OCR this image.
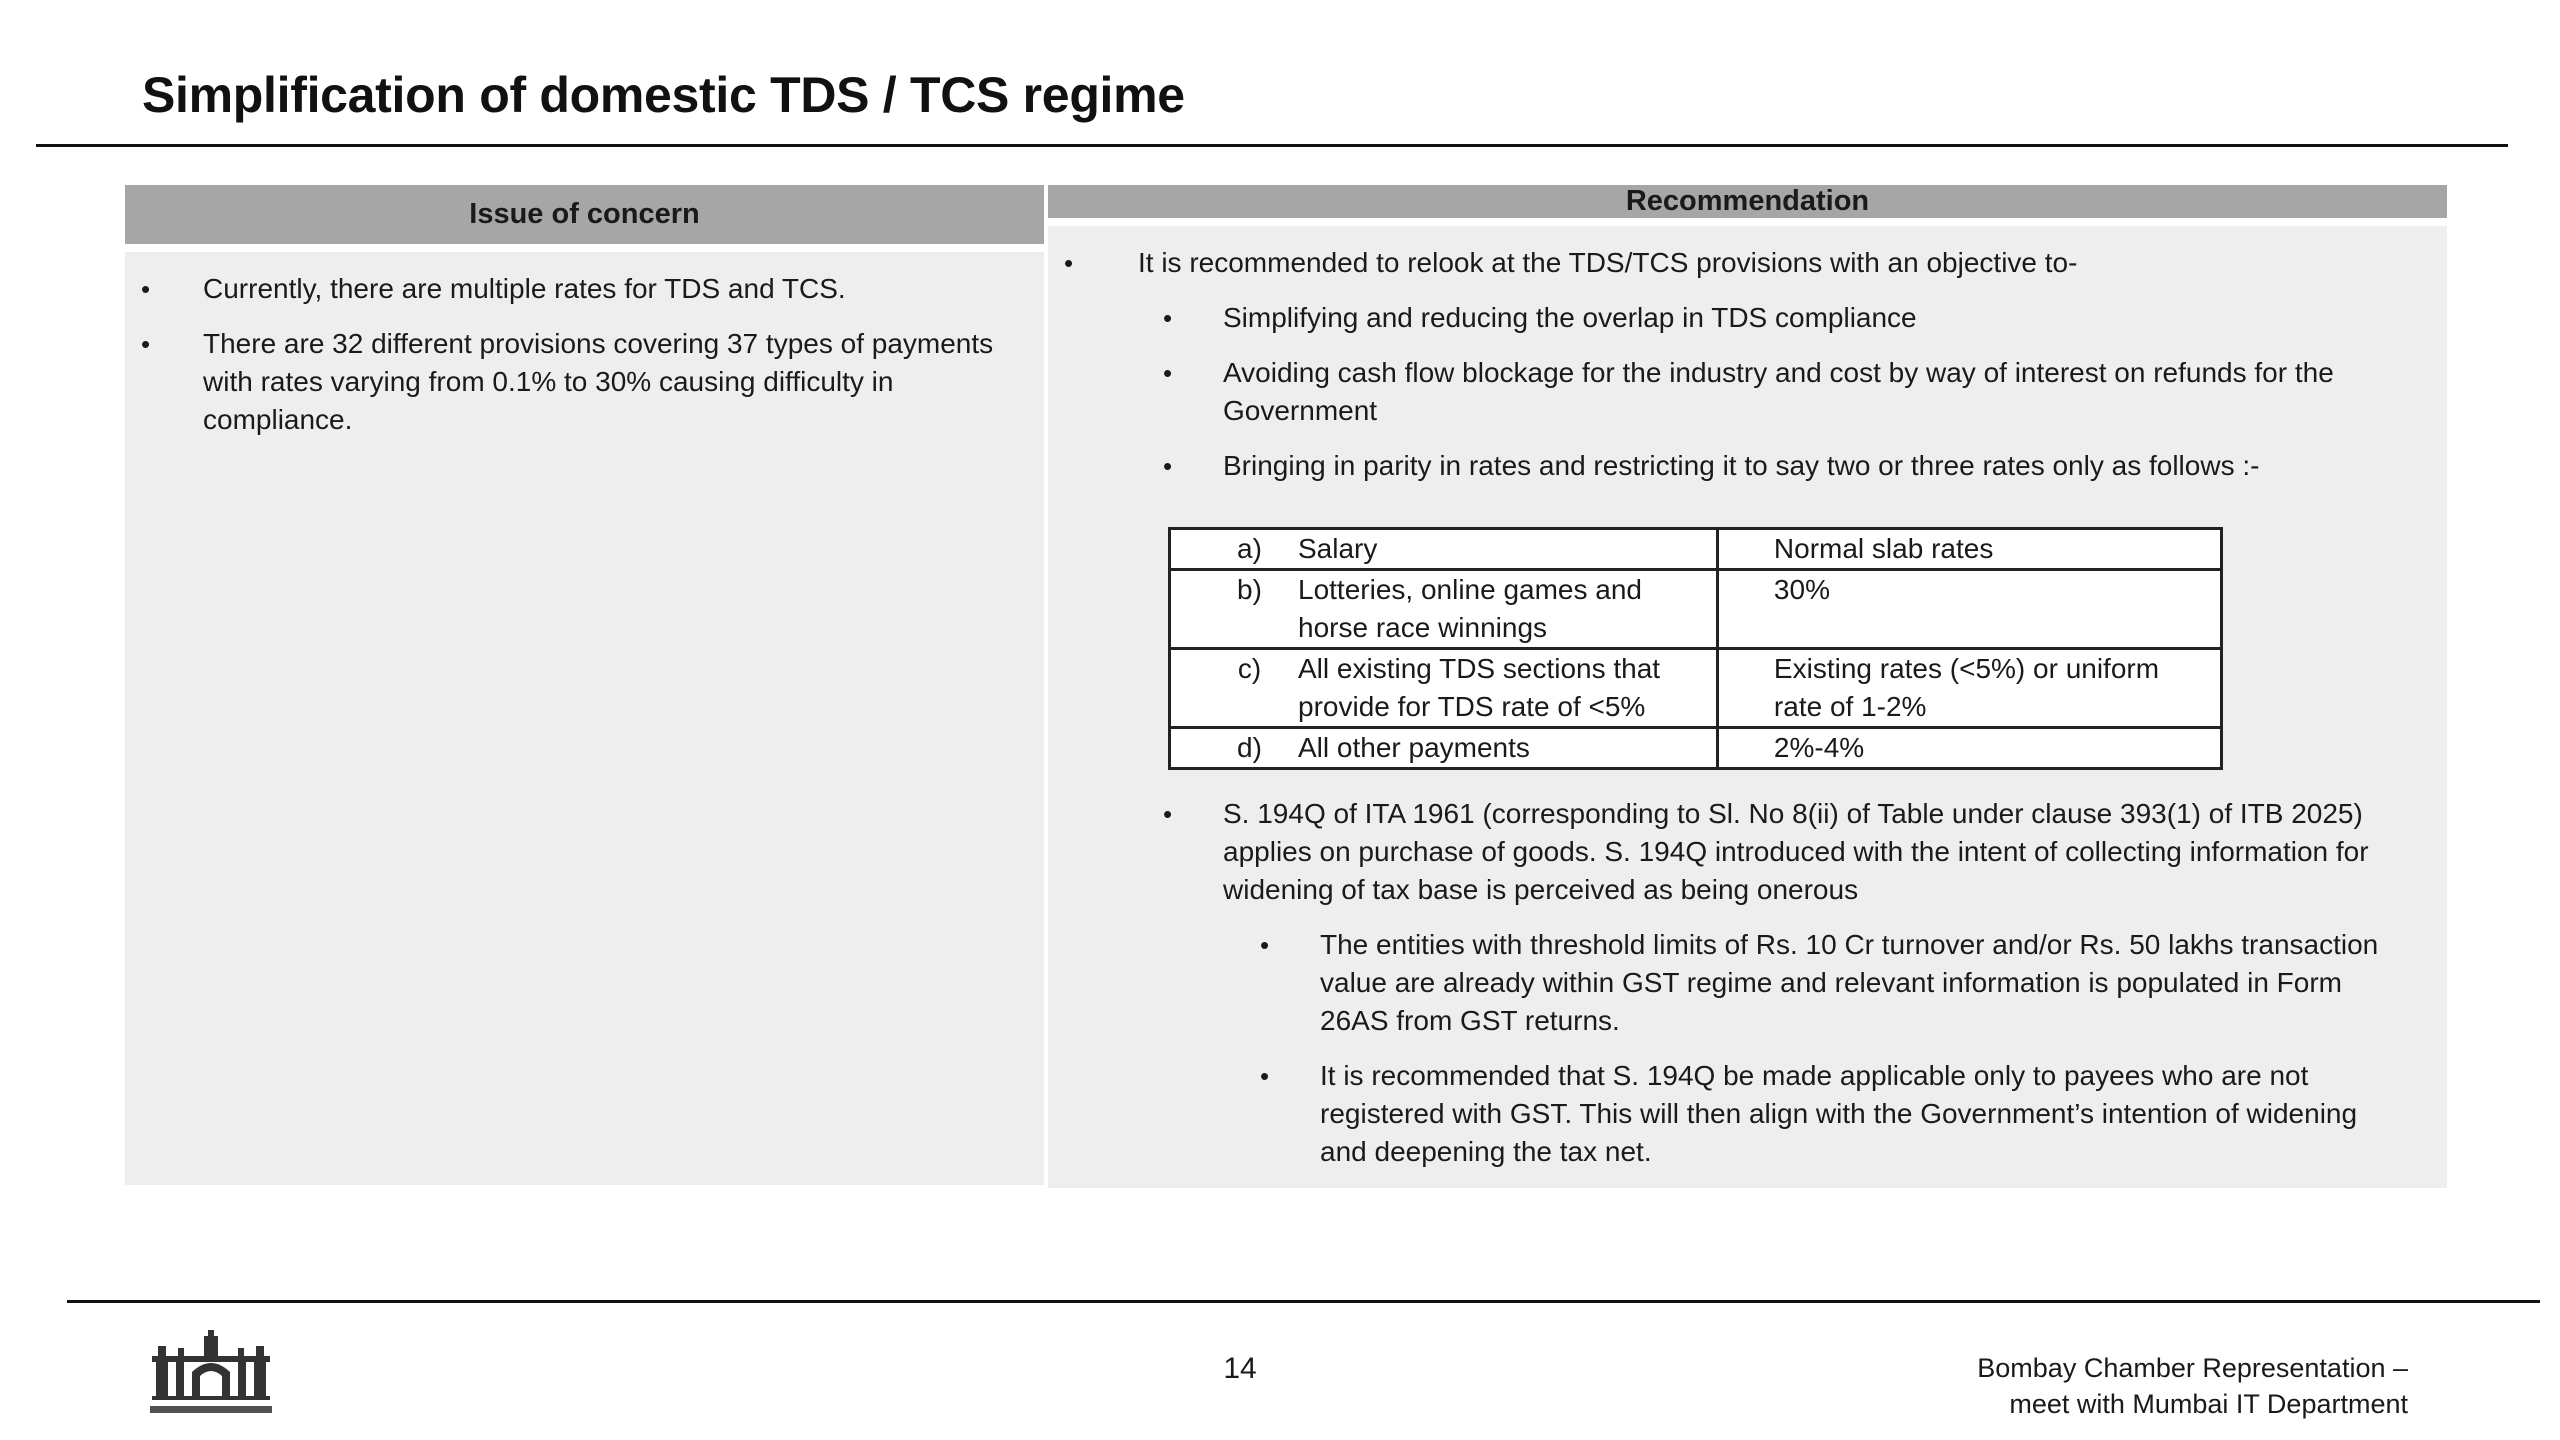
Simplification of domestic TDS / TCS regime
Issue of concern
• Currently, there are multiple rates for TDS and TCS.
• There are 32 different provisions covering 37 types of payments with rates varying from 0.1% to 30% causing difficulty in compliance.
Recommendation
• It is recommended to relook at the TDS/TCS provisions with an objective to-
• Simplifying and reducing the overlap in TDS compliance
• Avoiding cash flow blockage for the industry and cost by way of interest on refunds for the Government
• Bringing in parity in rates and restricting it to say two or three rates only as follows :-
a) Salary	Normal slab rates

b) Lotteries, online games and horse race winnings	30%

c) All existing TDS sections that provide for TDS rate of <5%	Existing rates (<5%) or uniform rate of 1-2%

d) All other payments	2%-4%
• S. 194Q of ITA 1961 (corresponding to Sl. No 8(ii) of Table under clause 393(1) of ITB 2025) applies on purchase of goods. S. 194Q introduced with the intent of collecting information for widening of tax base is perceived as being onerous
• The entities with threshold limits of Rs. 10 Cr turnover and/or Rs. 50 lakhs transaction value are already within GST regime and relevant information is populated in Form 26AS from GST returns.
• It is recommended that S. 194Q be made applicable only to payees who are not registered with GST. This will then align with the Government’s intention of widening and deepening the tax net.
14	Bombay Chamber Representation –
meet with Mumbai IT Department
